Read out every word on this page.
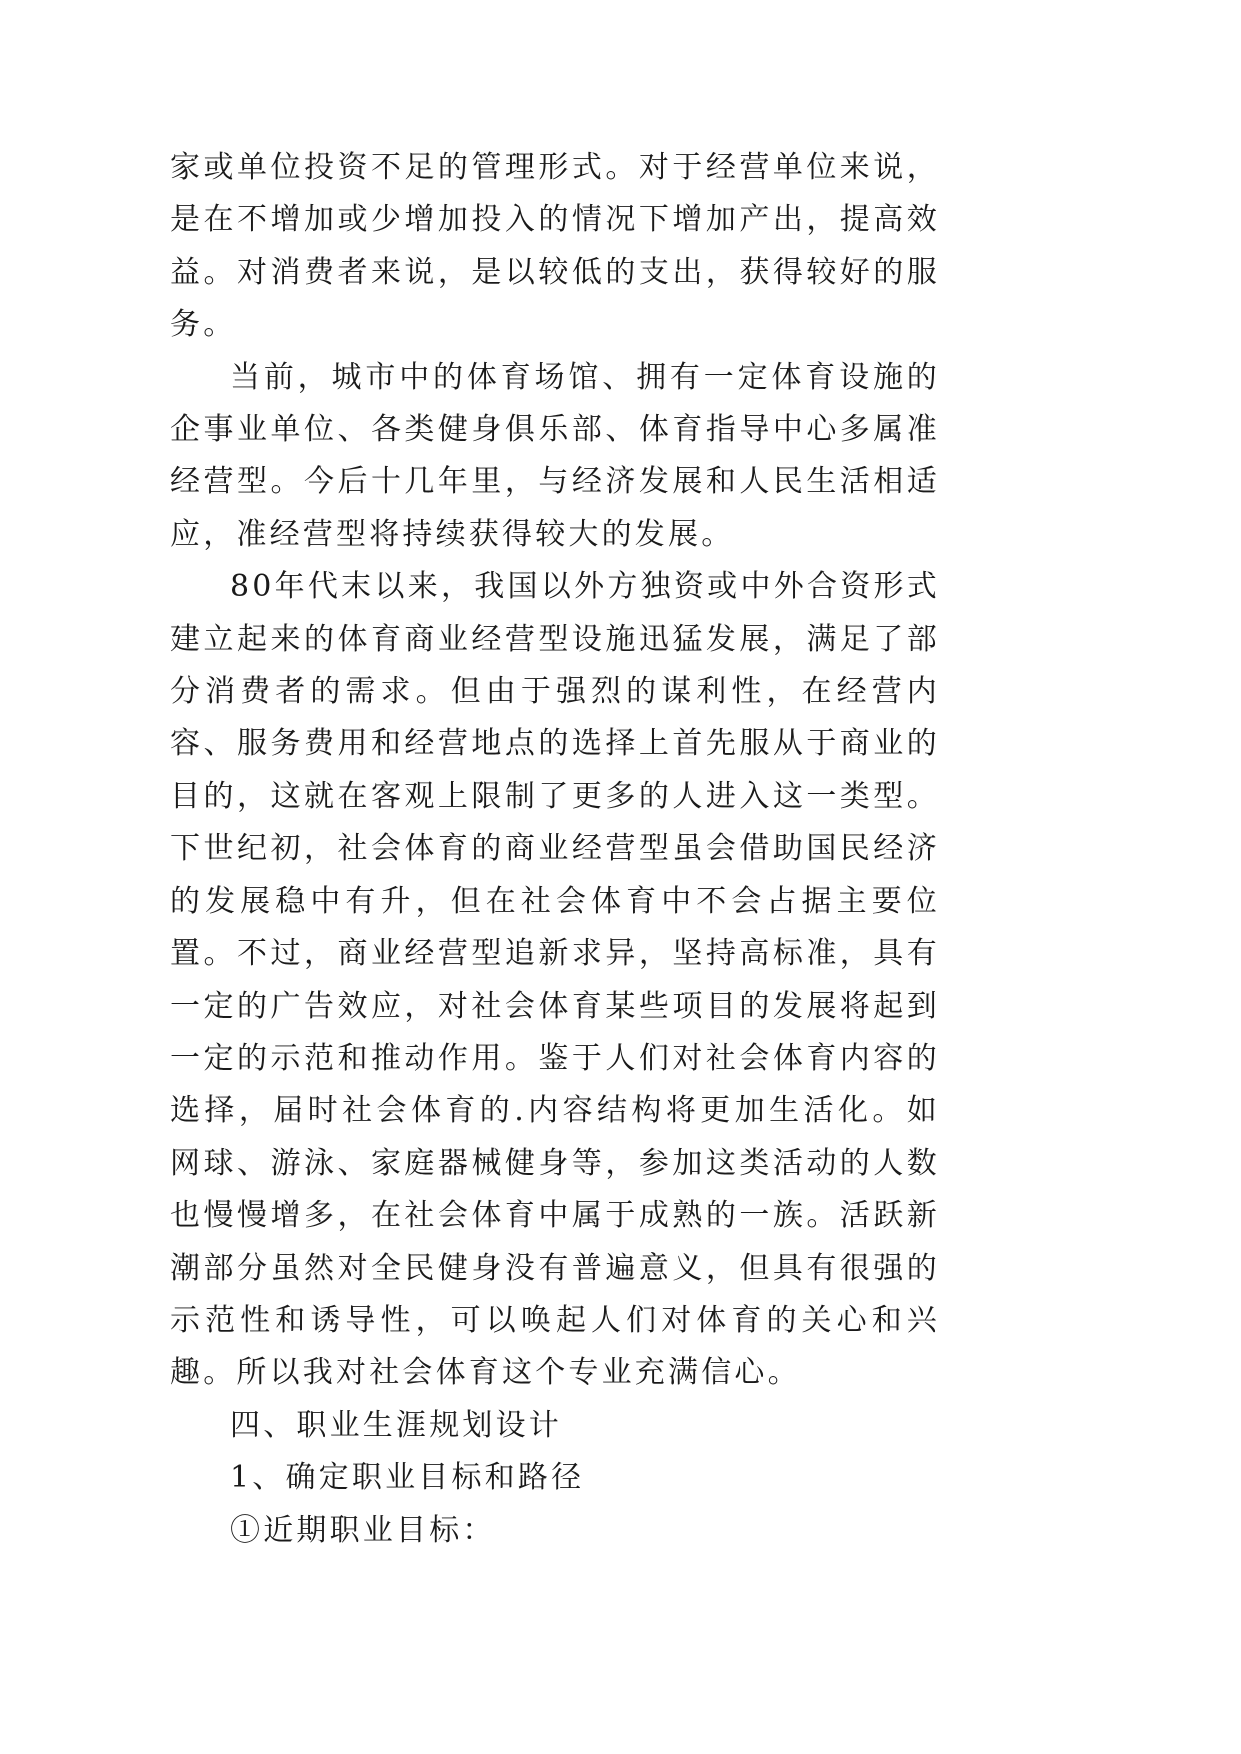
家或单位投资不足的管理形式。对于经营单位来说，是在不增加或少增加投入的情况下增加产出，提高效益。对消费者来说，是以较低的支出，获得较好的服务。

当前，城市中的体育场馆、拥有一定体育设施的企事业单位、各类健身俱乐部、体育指导中心多属准经营型。今后十几年里，与经济发展和人民生活相适应，准经营型将持续获得较大的发展。

80年代末以来，我国以外方独资或中外合资形式建立起来的体育商业经营型设施迅猛发展，满足了部分消费者的需求。但由于强烈的谋利性，在经营内容、服务费用和经营地点的选择上首先服从于商业的目的，这就在客观上限制了更多的人进入这一类型。下世纪初，社会体育的商业经营型虽会借助国民经济的发展稳中有升，但在社会体育中不会占据主要位置。不过，商业经营型追新求异，坚持高标准，具有一定的广告效应，对社会体育某些项目的发展将起到一定的示范和推动作用。鉴于人们对社会体育内容的选择，届时社会体育的.内容结构将更加生活化。如网球、游泳、家庭器械健身等，参加这类活动的人数也慢慢增多，在社会体育中属于成熟的一族。活跃新潮部分虽然对全民健身没有普遍意义，但具有很强的示范性和诱导性，可以唤起人们对体育的关心和兴趣。所以我对社会体育这个专业充满信心。

四、职业生涯规划设计

1、确定职业目标和路径

①近期职业目标：
